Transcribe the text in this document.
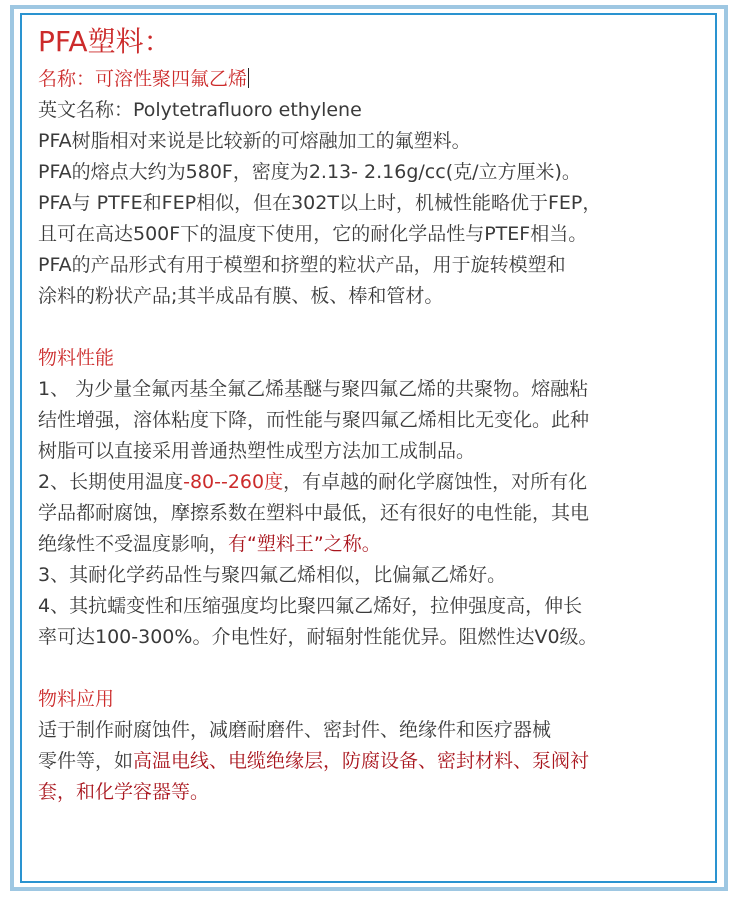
PFA塑料：
名称：可溶性聚四氟乙烯
英文名称：Polytetrafluoro ethylene
PFA树脂相对来说是比较新的可熔融加工的氟塑料。
PFA的熔点大约为580F，密度为2.13- 2.16g/cc(克/立方厘米)。
PFA与 PTFE和FEP相似，但在302T以上时，机械性能略优于FEP，
且可在高达500F下的温度下使用，它的耐化学品性与PTEF相当。
PFA的产品形式有用于模塑和挤塑的粒状产品，用于旋转模塑和
涂料的粉状产品;其半成品有膜、板、棒和管材。
物料性能
1、 为少量全氟丙基全氟乙烯基醚与聚四氟乙烯的共聚物。熔融粘
结性增强，溶体粘度下降，而性能与聚四氟乙烯相比无变化。此种
树脂可以直接采用普通热塑性成型方法加工成制品。
2、长期使用温度-80--260度，有卓越的耐化学腐蚀性，对所有化
学品都耐腐蚀，摩擦系数在塑料中最低，还有很好的电性能，其电
绝缘性不受温度影响，有“塑料王”之称。
3、其耐化学药品性与聚四氟乙烯相似，比偏氟乙烯好。
4、其抗蠕变性和压缩强度均比聚四氟乙烯好，拉伸强度高，伸长
率可达100-300%。介电性好，耐辐射性能优异。阻燃性达V0级。
物料应用
适于制作耐腐蚀件，减磨耐磨件、密封件、绝缘件和医疗器械
零件等，如高温电线、电缆绝缘层，防腐设备、密封材料、泵阀衬
套，和化学容器等。
